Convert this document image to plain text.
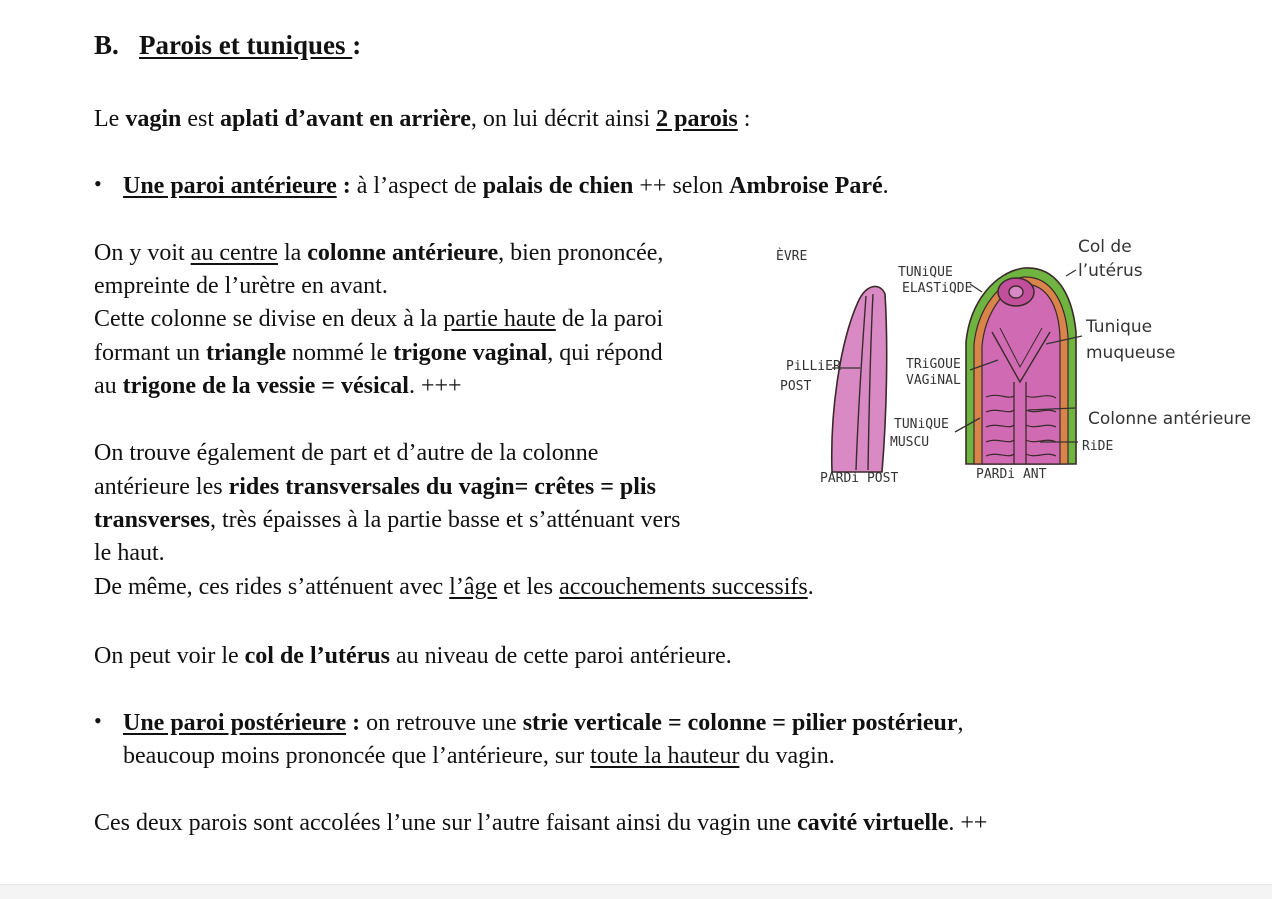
B. Parois et tuniques :
Le vagin est aplati d’avant en arrière, on lui décrit ainsi 2 parois :
• Une paroi antérieure : à l’aspect de palais de chien ++ selon Ambroise Paré.
On y voit au centre la colonne antérieure, bien prononcée,
empreinte de l’urètre en avant.
Cette colonne se divise en deux à la partie haute de la paroi
formant un triangle nommé le trigone vaginal, qui répond
au trigone de la vessie = vésical. +++
On trouve également de part et d’autre de la colonne
antérieure les rides transversales du vagin= crêtes = plis
transverses, très épaisses à la partie basse et s’atténuant vers
le haut.
De même, ces rides s’atténuent avec l’âge et les accouchements successifs.
On peut voir le col de l’utérus au niveau de cette paroi antérieure.
• Une paroi postérieure : on retrouve une strie verticale = colonne = pilier postérieur,
beaucoup moins prononcée que l’antérieure, sur toute la hauteur du vagin.
Ces deux parois sont accolées l’une sur l’autre faisant ainsi du vagin une cavité virtuelle. ++
Col de
l’utérus
Tunique
muqueuse
Colonne antérieure
RiDE
ÈVRE
TUNiQUE
ELASTiQDE
PiLLiER
POST
TRiGOUE
VAGiNAL
TUNiQUE
MUSCU
PARDi POST	PARDi ANT
